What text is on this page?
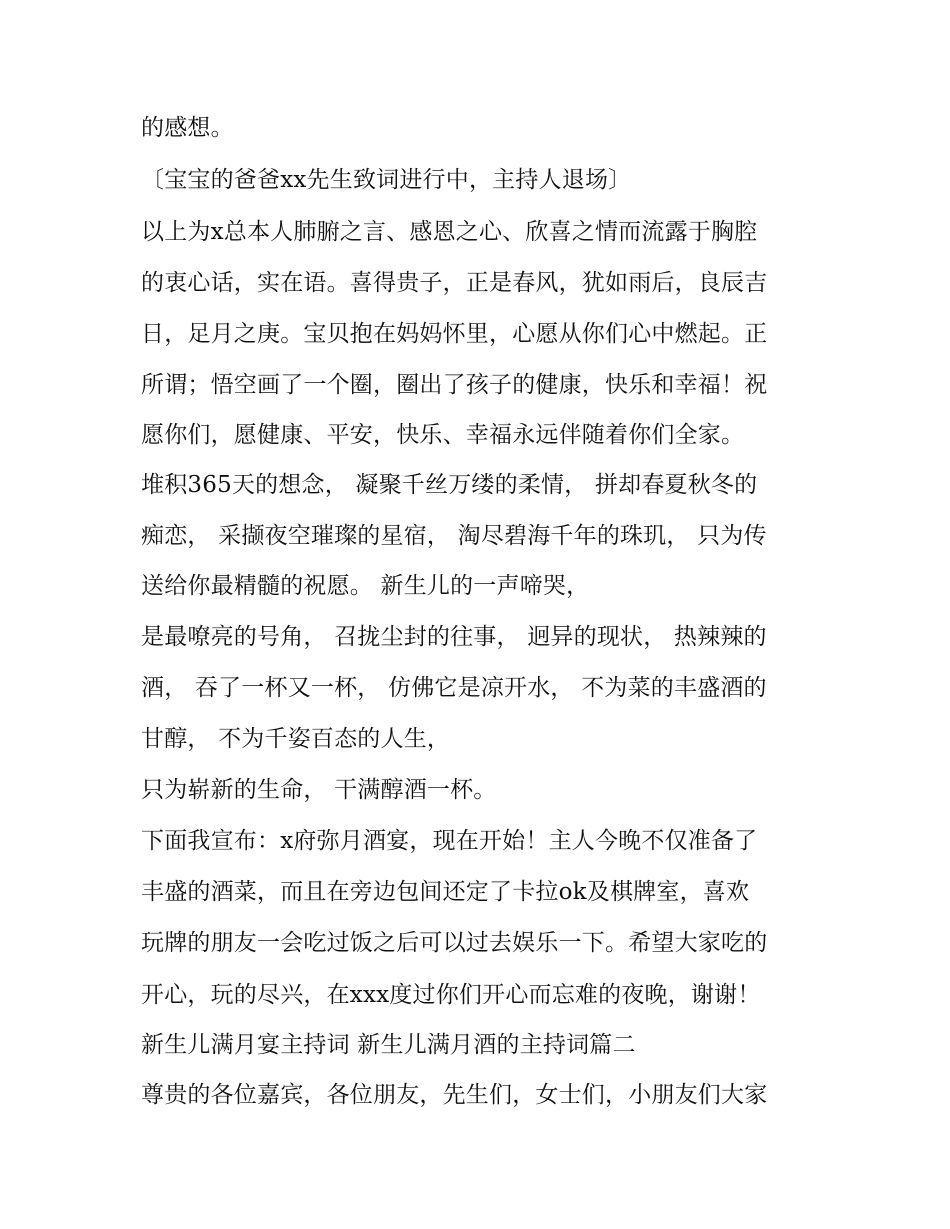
的感想。

〔宝宝的爸爸xx先生致词进行中，主持人退场〕

以上为x总本人肺腑之言、感恩之心、欣喜之情而流露于胸腔

的衷心话，实在语。喜得贵子，正是春风，犹如雨后，良辰吉

日，足月之庚。宝贝抱在妈妈怀里，心愿从你们心中燃起。正

所谓；悟空画了一个圈，圈出了孩子的健康，快乐和幸福！祝

愿你们，愿健康、平安，快乐、幸福永远伴随着你们全家。

堆积365天的想念， 凝聚千丝万缕的柔情， 拼却春夏秋冬的

痴恋， 采撷夜空璀璨的星宿， 淘尽碧海千年的珠玑， 只为传

送给你最精髓的祝愿。 新生儿的一声啼哭，

是最嘹亮的号角， 召拢尘封的往事， 迥异的现状， 热辣辣的

酒， 吞了一杯又一杯， 仿佛它是凉开水， 不为菜的丰盛酒的

甘醇， 不为千姿百态的人生，

只为崭新的生命， 干满醇酒一杯。

下面我宣布：x府弥月酒宴，现在开始！主人今晚不仅准备了

丰盛的酒菜，而且在旁边包间还定了卡拉ok及棋牌室，喜欢

玩牌的朋友一会吃过饭之后可以过去娱乐一下。希望大家吃的

开心，玩的尽兴，在xxx度过你们开心而忘难的夜晚，谢谢！

新生儿满月宴主持词 新生儿满月酒的主持词篇二

尊贵的各位嘉宾，各位朋友，先生们，女士们，小朋友们大家
